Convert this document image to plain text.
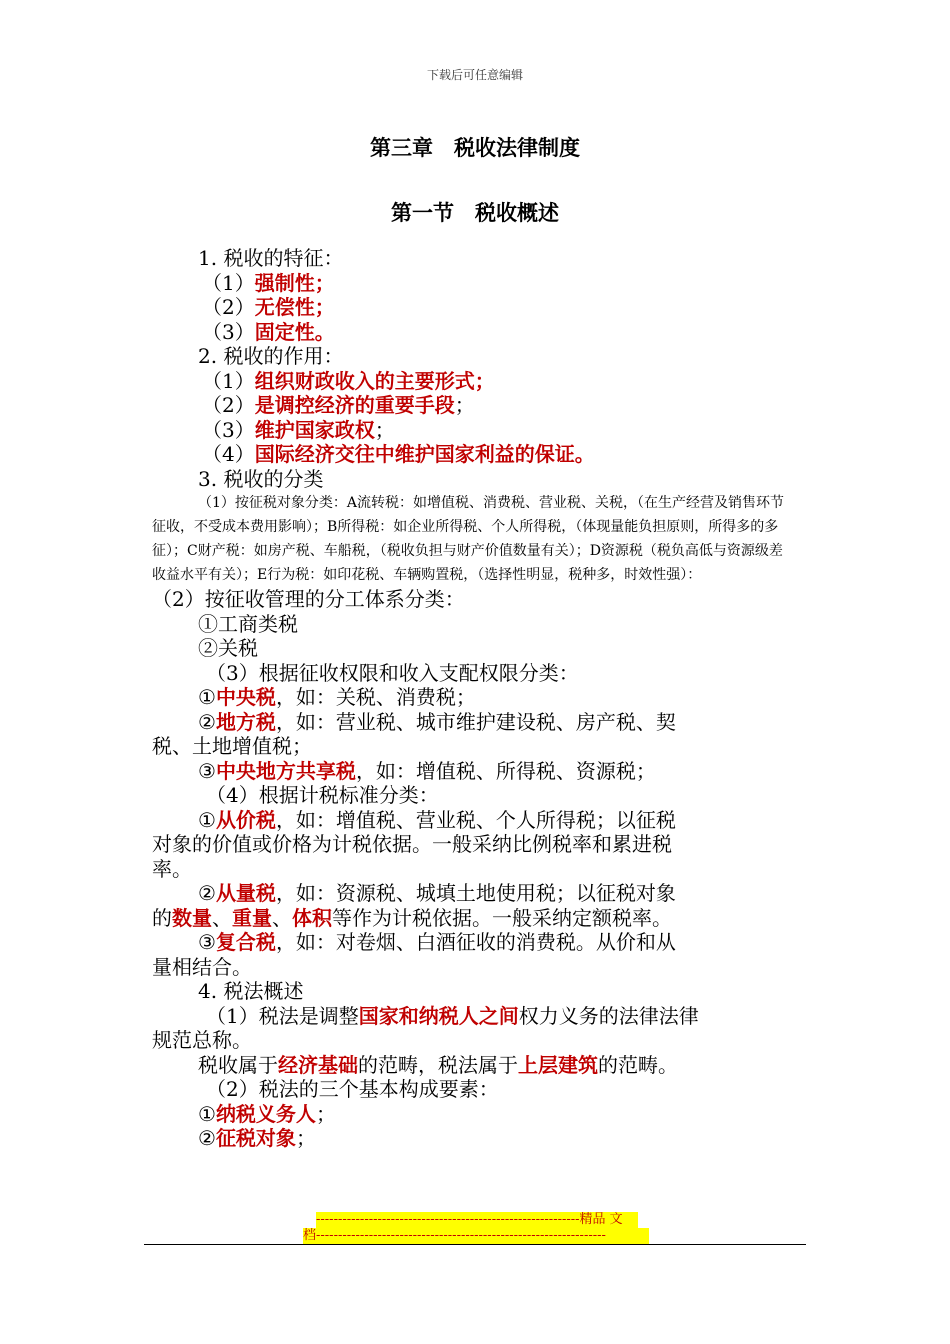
下载后可任意编辑
第三章　税收法律制度
第一节　税收概述

1. 税收的特征：

（1）强制性；

（2）无偿性；

（3）固定性。

2. 税收的作用：

（1）组织财政收入的主要形式；

（2）是调控经济的重要手段；

（3）维护国家政权；

（4）国际经济交往中维护国家利益的保证。

3. 税收的分类

（1）按征税对象分类：A流转税：如增值税、消费税、营业税、关税，（在生产经营及销售环节征收，不受成本费用影响）；B所得税：如企业所得税、个人所得税，（体现量能负担原则，所得多的多征）；C财产税：如房产税、车船税，（税收负担与财产价值数量有关）；D资源税（税负高低与资源级差收益水平有关）；E行为税：如印花税、车辆购置税，（选择性明显，税种多，时效性强）：

（2）按征收管理的分工体系分类：

①工商类税

②关税

（3）根据征收权限和收入支配权限分类：

①中央税，如：关税、消费税；

②地方税，如：营业税、城市维护建设税、房产税、契

税、土地增值税；

③中央地方共享税，如：增值税、所得税、资源税；

（4）根据计税标准分类：

①从价税，如：增值税、营业税、个人所得税；以征税

对象的价值或价格为计税依据。一般采纳比例税率和累进税

率。

②从量税，如：资源税、城填土地使用税；以征税对象

的数量、重量、体积等作为计税依据。一般采纳定额税率。

③复合税，如：对卷烟、白酒征收的消费税。从价和从

量相结合。

4. 税法概述

（1）税法是调整国家和纳税人之间权力义务的法律法律

规范总称。

税收属于经济基础的范畴，税法属于上层建筑的范畴。

（2）税法的三个基本构成要素：

①纳税义务人；

②征税对象；

------------------------------------------------------------精品 文
档------------------------------------------------------------------
